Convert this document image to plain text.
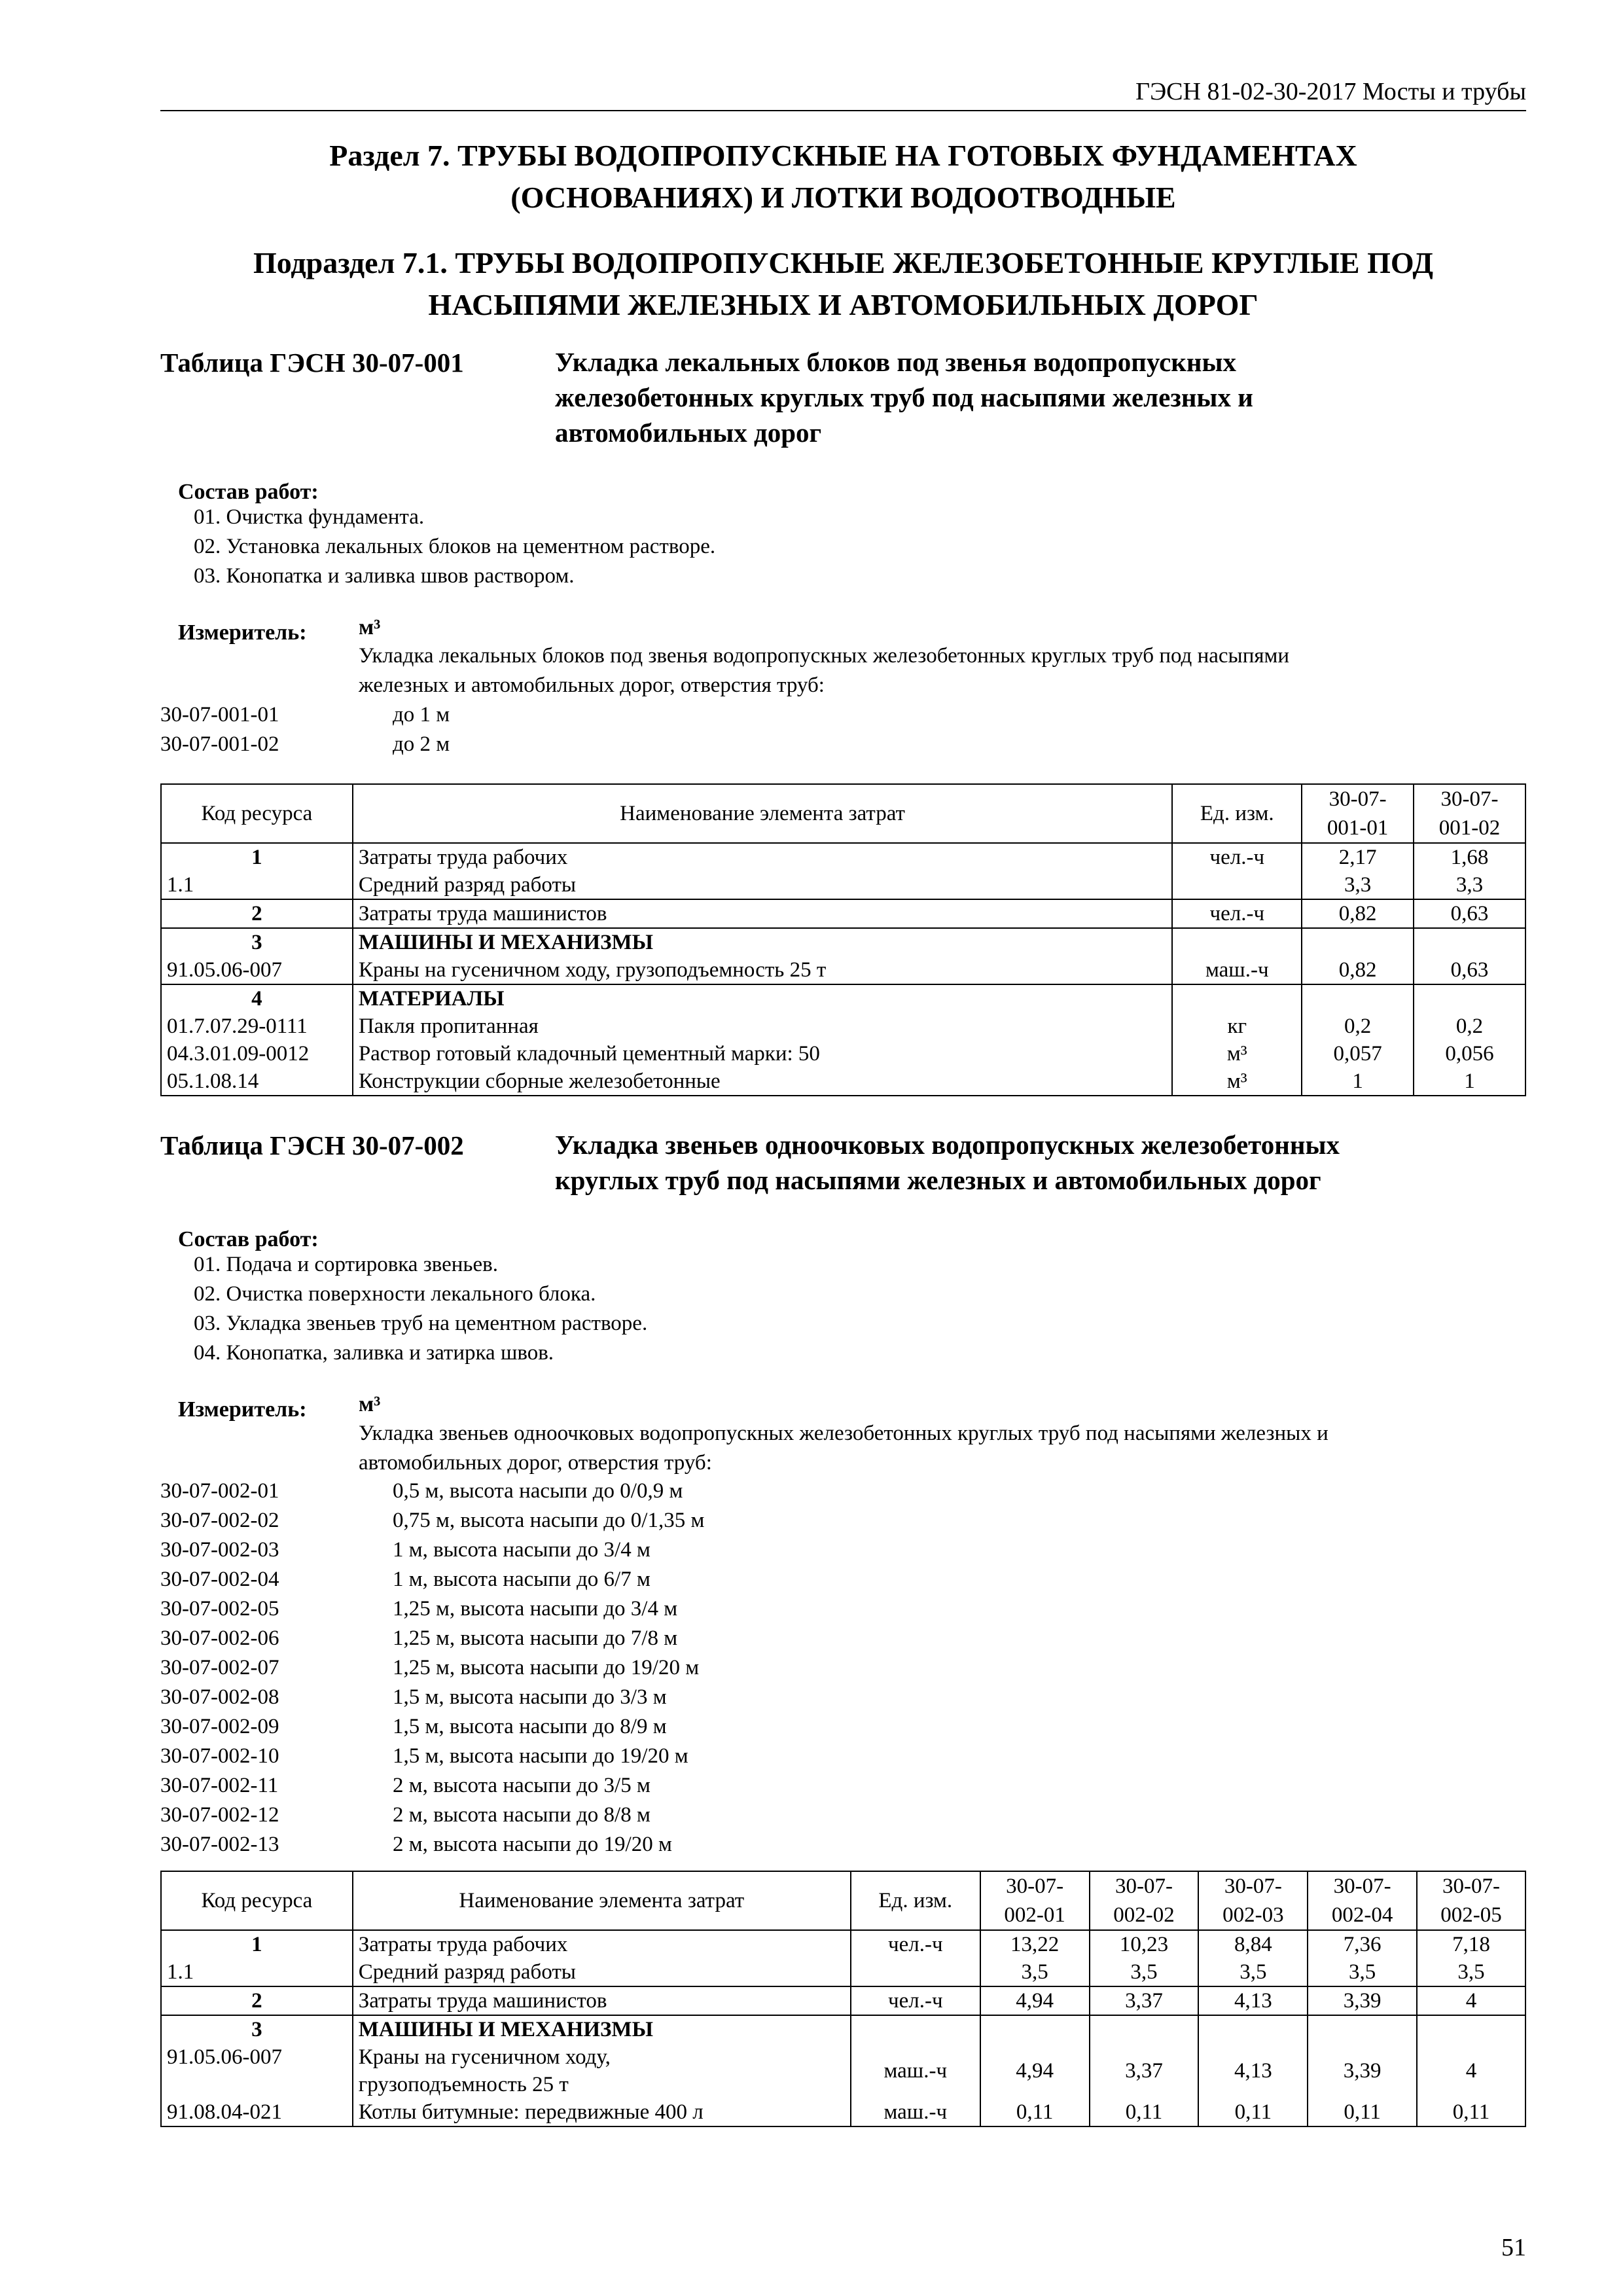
ГЭСН 81-02-30-2017 Мосты и трубы
Раздел 7. ТРУБЫ ВОДОПРОПУСКНЫЕ НА ГОТОВЫХ ФУНДАМЕНТАХ
(ОСНОВАНИЯХ) И ЛОТКИ ВОДООТВОДНЫЕ
Подраздел 7.1. ТРУБЫ ВОДОПРОПУСКНЫЕ ЖЕЛЕЗОБЕТОННЫЕ КРУГЛЫЕ ПОД
НАСЫПЯМИ ЖЕЛЕЗНЫХ И АВТОМОБИЛЬНЫХ ДОРОГ
Таблица ГЭСН 30-07-001	Укладка лекальных блоков под звенья водопропускных
железобетонных круглых труб под насыпями железных и
автомобильных дорог
Состав работ:
01. Очистка фундамента.
02. Установка лекальных блоков на цементном растворе.
03. Конопатка и заливка швов раствором.
Измеритель: м³
Укладка лекальных блоков под звенья водопропускных железобетонных круглых труб под насыпями
железных и автомобильных дорог, отверстия труб:
30-07-001-01	до 1 м
30-07-001-02	до 2 м
Код ресурса	Наименование элемента затрат	Ед. изм.	30-07-
001-01	30-07-
001-02
1	Затраты труда рабочих	чел.-ч	2,17	1,68
1.1	Средний разряд работы		3,3	3,3
2	Затраты труда машинистов	чел.-ч	0,82	0,63
3	МАШИНЫ И МЕХАНИЗМЫ			
91.05.06-007	Краны на гусеничном ходу, грузоподъемность 25 т	маш.-ч	0,82	0,63
4	МАТЕРИАЛЫ			
01.7.07.29-0111	Пакля пропитанная	кг	0,2	0,2
04.3.01.09-0012	Раствор готовый кладочный цементный марки: 50	м³	0,057	0,056
05.1.08.14	Конструкции сборные железобетонные	м³	1	1
Таблица ГЭСН 30-07-002	Укладка звеньев одноочковых водопропускных железобетонных
круглых труб под насыпями железных и автомобильных дорог
Состав работ:
01. Подача и сортировка звеньев.
02. Очистка поверхности лекального блока.
03. Укладка звеньев труб на цементном растворе.
04. Конопатка, заливка и затирка швов.
Измеритель: м³
Укладка звеньев одноочковых водопропускных железобетонных круглых труб под насыпями железных и
автомобильных дорог, отверстия труб:
30-07-002-01	0,5 м, высота насыпи до 0/0,9 м
30-07-002-02	0,75 м, высота насыпи до 0/1,35 м
30-07-002-03	1 м, высота насыпи до 3/4 м
30-07-002-04	1 м, высота насыпи до 6/7 м
30-07-002-05	1,25 м, высота насыпи до 3/4 м
30-07-002-06	1,25 м, высота насыпи до 7/8 м
30-07-002-07	1,25 м, высота насыпи до 19/20 м
30-07-002-08	1,5 м, высота насыпи до 3/3 м
30-07-002-09	1,5 м, высота насыпи до 8/9 м
30-07-002-10	1,5 м, высота насыпи до 19/20 м
30-07-002-11	2 м, высота насыпи до 3/5 м
30-07-002-12	2 м, высота насыпи до 8/8 м
30-07-002-13	2 м, высота насыпи до 19/20 м
Код ресурса	Наименование элемента затрат	Ед. изм.	30-07-
002-01	30-07-
002-02	30-07-
002-03	30-07-
002-04	30-07-
002-05
1	Затраты труда рабочих	чел.-ч	13,22	10,23	8,84	7,36	7,18
1.1	Средний разряд работы		3,5	3,5	3,5	3,5	3,5
2	Затраты труда машинистов	чел.-ч	4,94	3,37	4,13	3,39	4
3	МАШИНЫ И МЕХАНИЗМЫ						
91.05.06-007	Краны на гусеничном ходу,
грузоподъемность 25 т	маш.-ч	4,94	3,37	4,13	3,39	4
91.08.04-021	Котлы битумные: передвижные 400 л	маш.-ч	0,11	0,11	0,11	0,11	0,11
51
